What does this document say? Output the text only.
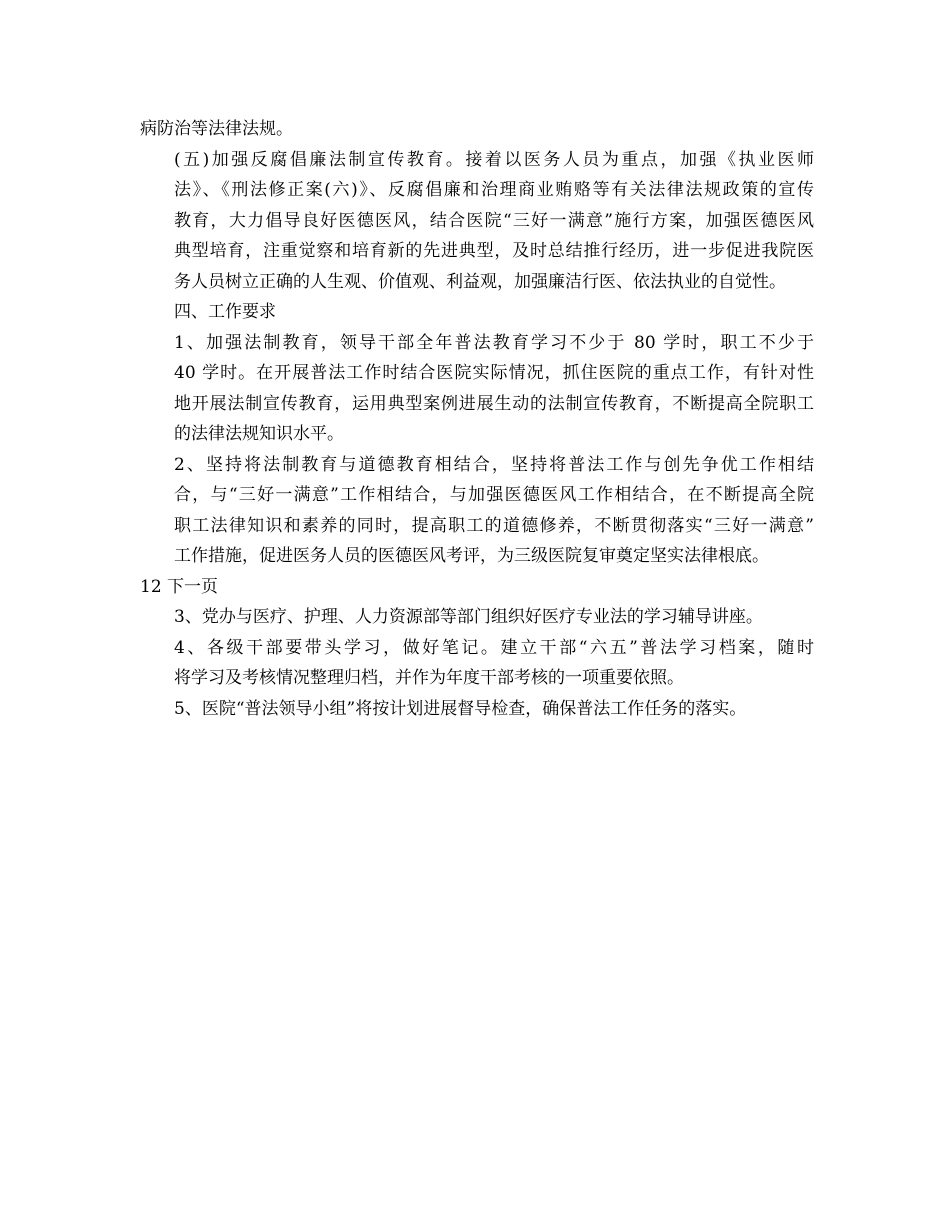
病防治等法律法规。
(五)加强反腐倡廉法制宣传教育。接着以医务人员为重点，加强《执业医师
法》、《刑法修正案(六)》、反腐倡廉和治理商业贿赂等有关法律法规政策的宣传
教育，大力倡导良好医德医风，结合医院“三好一满意”施行方案，加强医德医风
典型培育，注重觉察和培育新的先进典型，及时总结推行经历，进一步促进我院医
务人员树立正确的人生观、价值观、利益观，加强廉洁行医、依法执业的自觉性。
四、工作要求
1、加强法制教育，领导干部全年普法教育学习不少于 80 学时，职工不少于
40 学时。在开展普法工作时结合医院实际情况，抓住医院的重点工作，有针对性
地开展法制宣传教育，运用典型案例进展生动的法制宣传教育，不断提高全院职工
的法律法规知识水平。
2、坚持将法制教育与道德教育相结合，坚持将普法工作与创先争优工作相结
合，与“三好一满意”工作相结合，与加强医德医风工作相结合，在不断提高全院
职工法律知识和素养的同时，提高职工的道德修养，不断贯彻落实“三好一满意”
工作措施，促进医务人员的医德医风考评，为三级医院复审奠定坚实法律根底。
12 下一页
3、党办与医疗、护理、人力资源部等部门组织好医疗专业法的学习辅导讲座。
4、各级干部要带头学习，做好笔记。建立干部“六五”普法学习档案，随时
将学习及考核情况整理归档，并作为年度干部考核的一项重要依照。
5、医院“普法领导小组”将按计划进展督导检查，确保普法工作任务的落实。
